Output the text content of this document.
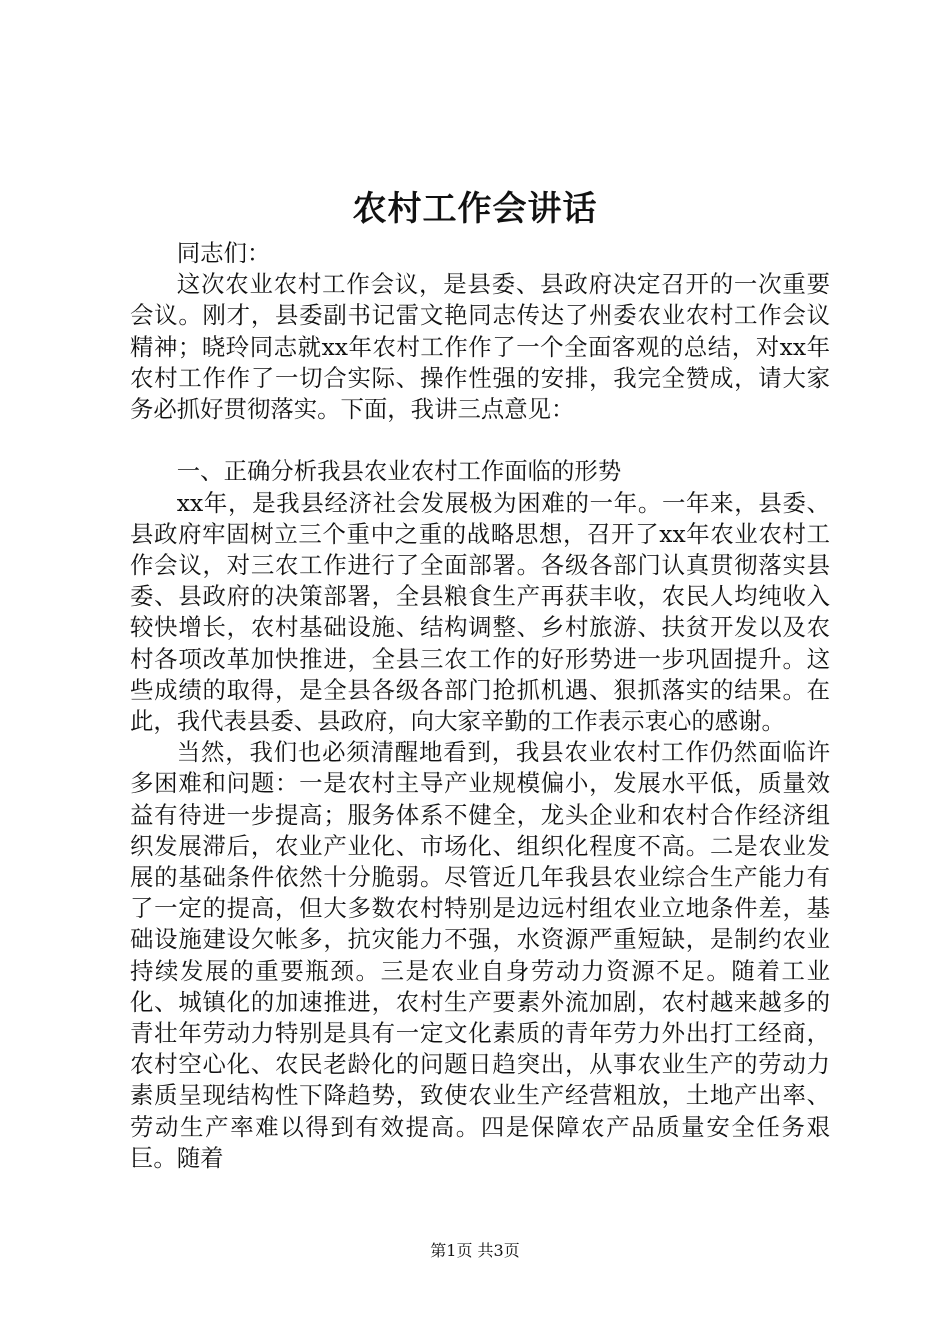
农村工作会讲话

同志们：

这次农业农村工作会议，是县委、县政府决定召开的一次重要会议。刚才，县委副书记雷文艳同志传达了州委农业农村工作会议精神；晓玲同志就xx年农村工作作了一个全面客观的总结，对xx年农村工作作了一切合实际、操作性强的安排，我完全赞成，请大家务必抓好贯彻落实。下面，我讲三点意见：

一、正确分析我县农业农村工作面临的形势

xx年，是我县经济社会发展极为困难的一年。一年来，县委、县政府牢固树立三个重中之重的战略思想，召开了xx年农业农村工作会议，对三农工作进行了全面部署。各级各部门认真贯彻落实县委、县政府的决策部署，全县粮食生产再获丰收，农民人均纯收入较快增长，农村基础设施、结构调整、乡村旅游、扶贫开发以及农村各项改革加快推进，全县三农工作的好形势进一步巩固提升。这些成绩的取得，是全县各级各部门抢抓机遇、狠抓落实的结果。在此，我代表县委、县政府，向大家辛勤的工作表示衷心的感谢。

当然，我们也必须清醒地看到，我县农业农村工作仍然面临许多困难和问题：一是农村主导产业规模偏小，发展水平低，质量效益有待进一步提高；服务体系不健全，龙头企业和农村合作经济组织发展滞后，农业产业化、市场化、组织化程度不高。二是农业发展的基础条件依然十分脆弱。尽管近几年我县农业综合生产能力有了一定的提高，但大多数农村特别是边远村组农业立地条件差，基础设施建设欠帐多，抗灾能力不强，水资源严重短缺，是制约农业持续发展的重要瓶颈。三是农业自身劳动力资源不足。随着工业化、城镇化的加速推进，农村生产要素外流加剧，农村越来越多的青壮年劳动力特别是具有一定文化素质的青年劳力外出打工经商，农村空心化、农民老龄化的问题日趋突出，从事农业生产的劳动力素质呈现结构性下降趋势，致使农业生产经营粗放，土地产出率、劳动生产率难以得到有效提高。四是保障农产品质量安全任务艰巨。随着

第1页 共3页
